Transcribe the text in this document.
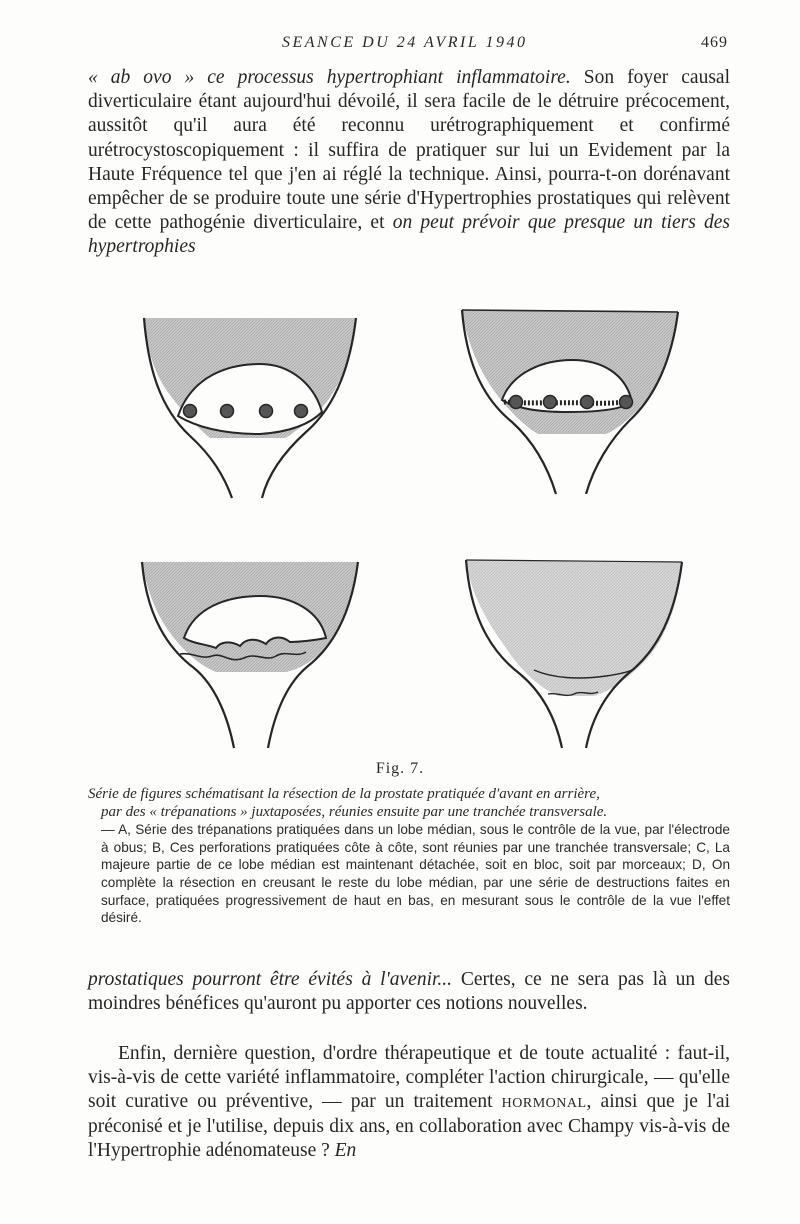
SEANCE DU 24 AVRIL 1940	469

« ab ovo » ce processus hypertrophiant inflammatoire. Son foyer causal diverticulaire étant aujourd'hui dévoilé, il sera facile de le détruire précocement, aussitôt qu'il aura été reconnu urétrographiquement et confirmé urétrocystoscopiquement : il suffira de pratiquer sur lui un Evidement par la Haute Fréquence tel que j'en ai réglé la technique. Ainsi, pourra-t-on dorénavant empêcher de se produire toute une série d'Hypertrophies prostatiques qui relèvent de cette pathogénie diverticulaire, et on peut prévoir que presque un tiers des hypertrophies

Fig. 7.
Série de figures schématisant la résection de la prostate pratiquée d'avant en arrière,
par des « trépanations » juxtaposées, réunies ensuite par une tranchée transversale.
— A, Série des trépanations pratiquées dans un lobe médian, sous le contrôle de la vue, par l'électrode à obus; B, Ces perforations pratiquées côte à côte, sont réunies par une tranchée transversale; C, La majeure partie de ce lobe médian est maintenant détachée, soit en bloc, soit par morceaux; D, On complète la résection en creusant le reste du lobe médian, par une série de destructions faites en surface, pratiquées progressivement de haut en bas, en mesurant sous le contrôle de la vue l'effet désiré.

prostatiques pourront être évités à l'avenir... Certes, ce ne sera pas là un des moindres bénéfices qu'auront pu apporter ces notions nouvelles.

Enfin, dernière question, d'ordre thérapeutique et de toute actualité : faut-il, vis-à-vis de cette variété inflammatoire, compléter l'action chirurgicale, — qu'elle soit curative ou préventive, — par un traitement hormonal, ainsi que je l'ai préconisé et je l'utilise, depuis dix ans, en collaboration avec Champy vis-à-vis de l'Hypertrophie adénomateuse ? En
